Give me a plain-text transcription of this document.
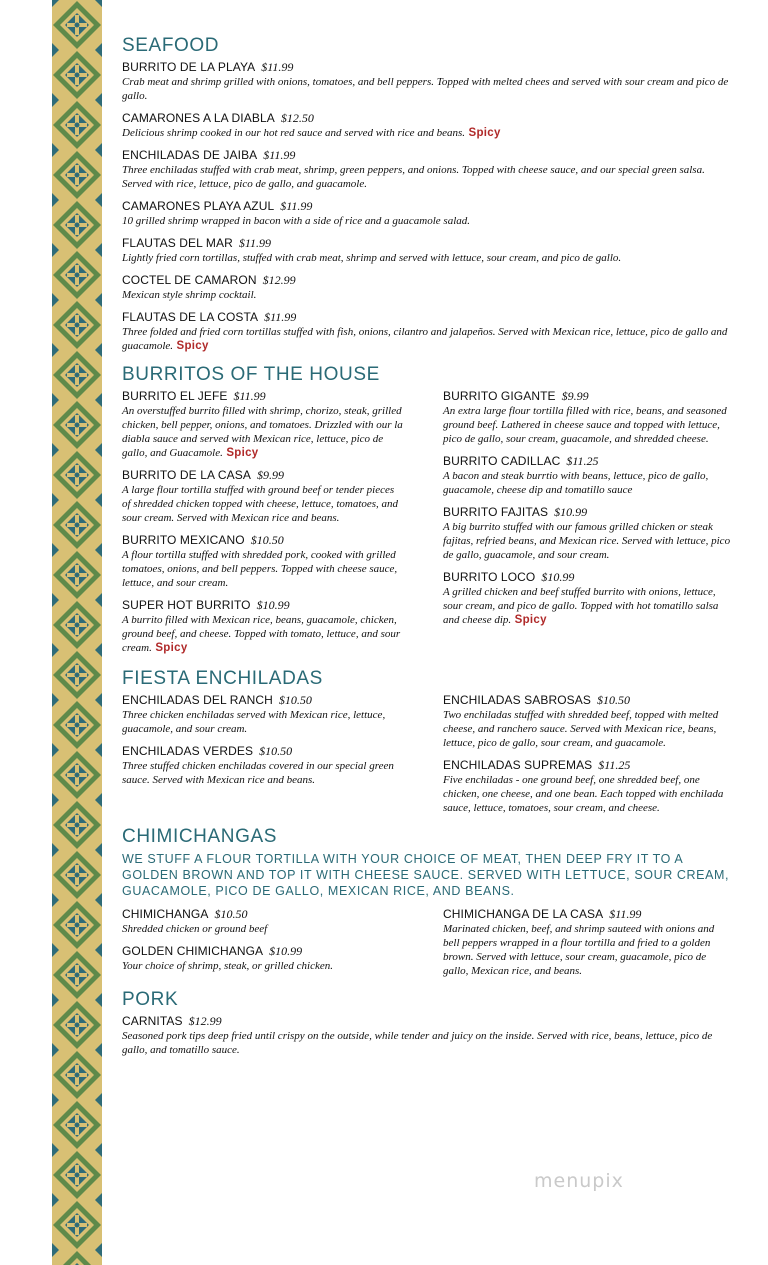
SEAFOOD
BURRITO DE LA PLAYA $11.99
Crab meat and shrimp grilled with onions, tomatoes, and bell peppers. Topped with melted chees and served with sour cream and pico de gallo.
CAMARONES A LA DIABLA $12.50
Delicious shrimp cooked in our hot red sauce and served with rice and beans. Spicy
ENCHILADAS DE JAIBA $11.99
Three enchiladas stuffed with crab meat, shrimp, green peppers, and onions. Topped with cheese sauce, and our special green salsa. Served with rice, lettuce, pico de gallo, and guacamole.
CAMARONES PLAYA AZUL $11.99
10 grilled shrimp wrapped in bacon with a side of rice and a guacamole salad.
FLAUTAS DEL MAR $11.99
Lightly fried corn tortillas, stuffed with crab meat, shrimp and served with lettuce, sour cream, and pico de gallo.
COCTEL DE CAMARON $12.99
Mexican style shrimp cocktail.
FLAUTAS DE LA COSTA $11.99
Three folded and fried corn tortillas stuffed with fish, onions, cilantro and jalapeños. Served with Mexican rice, lettuce, pico de gallo and guacamole. Spicy
BURRITOS OF THE HOUSE
BURRITO EL JEFE $11.99
An overstuffed burrito filled with shrimp, chorizo, steak, grilled chicken, bell pepper, onions, and tomatoes. Drizzled with our la diabla sauce and served with Mexican rice, lettuce, pico de gallo, and Guacamole. Spicy
BURRITO DE LA CASA $9.99
A large flour tortilla stuffed with ground beef or tender pieces of shredded chicken topped with cheese, lettuce, tomatoes, and sour cream. Served with Mexican rice and beans.
BURRITO MEXICANO $10.50
A flour tortilla stuffed with shredded pork, cooked with grilled tomatoes, onions, and bell peppers. Topped with cheese sauce, lettuce, and sour cream.
SUPER HOT BURRITO $10.99
A burrito filled with Mexican rice, beans, guacamole, chicken, ground beef, and cheese. Topped with tomato, lettuce, and sour cream. Spicy
BURRITO GIGANTE $9.99
An extra large flour tortilla filled with rice, beans, and seasoned ground beef. Lathered in cheese sauce and topped with lettuce, pico de gallo, sour cream, guacamole, and shredded cheese.
BURRITO CADILLAC $11.25
A bacon and steak burrtio with beans, lettuce, pico de gallo, guacamole, cheese dip and tomatillo sauce
BURRITO FAJITAS $10.99
A big burrito stuffed with our famous grilled chicken or steak fajitas, refried beans, and Mexican rice. Served with lettuce, pico de gallo, guacamole, and sour cream.
BURRITO LOCO $10.99
A grilled chicken and beef stuffed burrito with onions, lettuce, sour cream, and pico de gallo. Topped with hot tomatillo salsa and cheese dip. Spicy
FIESTA ENCHILADAS
ENCHILADAS DEL RANCH $10.50
Three chicken enchiladas served with Mexican rice, lettuce, guacamole, and sour cream.
ENCHILADAS VERDES $10.50
Three stuffed chicken enchiladas covered in our special green sauce. Served with Mexican rice and beans.
ENCHILADAS SABROSAS $10.50
Two enchiladas stuffed with shredded beef, topped with melted cheese, and ranchero sauce. Served with Mexican rice, beans, lettuce, pico de gallo, sour cream, and guacamole.
ENCHILADAS SUPREMAS $11.25
Five enchiladas - one ground beef, one shredded beef, one chicken, one cheese, and one bean. Each topped with enchilada sauce, lettuce, tomatoes, sour cream, and cheese.
CHIMICHANGAS
WE STUFF A FLOUR TORTILLA WITH YOUR CHOICE OF MEAT, THEN DEEP FRY IT TO A GOLDEN BROWN AND TOP IT WITH CHEESE SAUCE. SERVED WITH LETTUCE, SOUR CREAM, GUACAMOLE, PICO DE GALLO, MEXICAN RICE, AND BEANS.
CHIMICHANGA $10.50
Shredded chicken or ground beef
GOLDEN CHIMICHANGA $10.99
Your choice of shrimp, steak, or grilled chicken.
CHIMICHANGA DE LA CASA $11.99
Marinated chicken, beef, and shrimp sauteed with onions and bell peppers wrapped in a flour tortilla and fried to a golden brown. Served with lettuce, sour cream, guacamole, pico de gallo, Mexican rice, and beans.
PORK
CARNITAS $12.99
Seasoned pork tips deep fried until crispy on the outside, while tender and juicy on the inside. Served with rice, beans, lettuce, pico de gallo, and tomatillo sauce.
menupix
